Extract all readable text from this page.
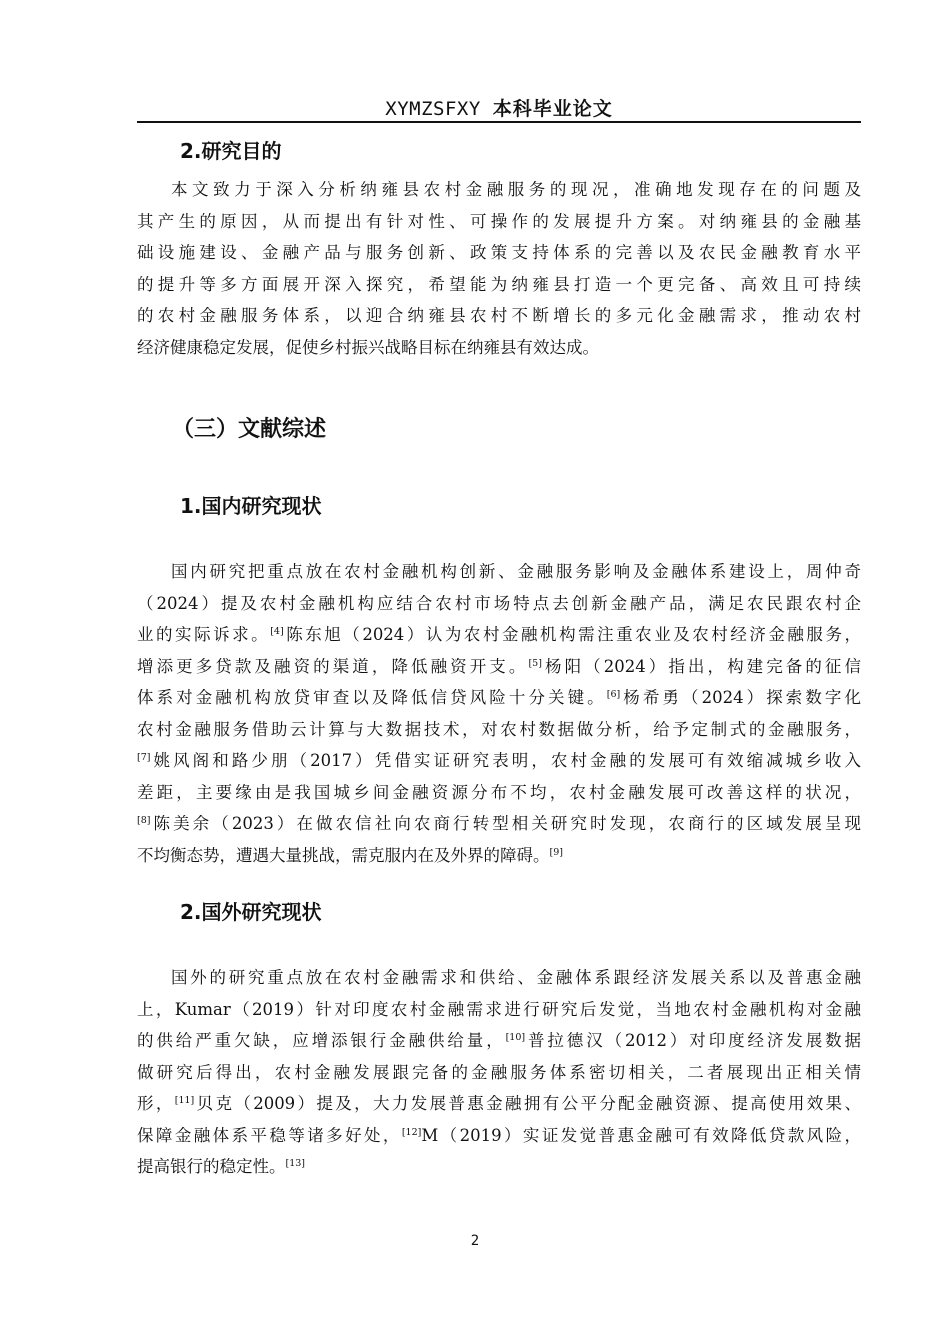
XYMZSFXY 本科毕业论文
2.研究目的
本文致力于深入分析纳雍县农村金融服务的现况，准确地发现存在的问题及
其产生的原因，从而提出有针对性、可操作的发展提升方案。对纳雍县的金融基
础设施建设、金融产品与服务创新、政策支持体系的完善以及农民金融教育水平
的提升等多方面展开深入探究，希望能为纳雍县打造一个更完备、高效且可持续
的农村金融服务体系，以迎合纳雍县农村不断增长的多元化金融需求，推动农村
经济健康稳定发展，促使乡村振兴战略目标在纳雍县有效达成。
（三）文献综述
1.国内研究现状
国内研究把重点放在农村金融机构创新、金融服务影响及金融体系建设上，周仲奇
（2024）提及农村金融机构应结合农村市场特点去创新金融产品，满足农民跟农村企
业的实际诉求。[4]陈东旭（2024）认为农村金融机构需注重农业及农村经济金融服务，
增添更多贷款及融资的渠道，降低融资开支。[5]杨阳（2024）指出，构建完备的征信
体系对金融机构放贷审查以及降低信贷风险十分关键。[6]杨希勇（2024）探索数字化
农村金融服务借助云计算与大数据技术，对农村数据做分析，给予定制式的金融服务，
[7]姚风阁和路少朋（2017）凭借实证研究表明，农村金融的发展可有效缩减城乡收入
差距，主要缘由是我国城乡间金融资源分布不均，农村金融发展可改善这样的状况，
[8]陈美余（2023）在做农信社向农商行转型相关研究时发现，农商行的区域发展呈现
不均衡态势，遭遇大量挑战，需克服内在及外界的障碍。[9]
2.国外研究现状
国外的研究重点放在农村金融需求和供给、金融体系跟经济发展关系以及普惠金融
上，Kumar（2019）针对印度农村金融需求进行研究后发觉，当地农村金融机构对金融
的供给严重欠缺，应增添银行金融供给量，[10]普拉德汉（2012）对印度经济发展数据
做研究后得出，农村金融发展跟完备的金融服务体系密切相关，二者展现出正相关情
形，[11]贝克（2009）提及，大力发展普惠金融拥有公平分配金融资源、提高使用效果、
保障金融体系平稳等诸多好处，[12]M（2019）实证发觉普惠金融可有效降低贷款风险，
提高银行的稳定性。[13]
2
